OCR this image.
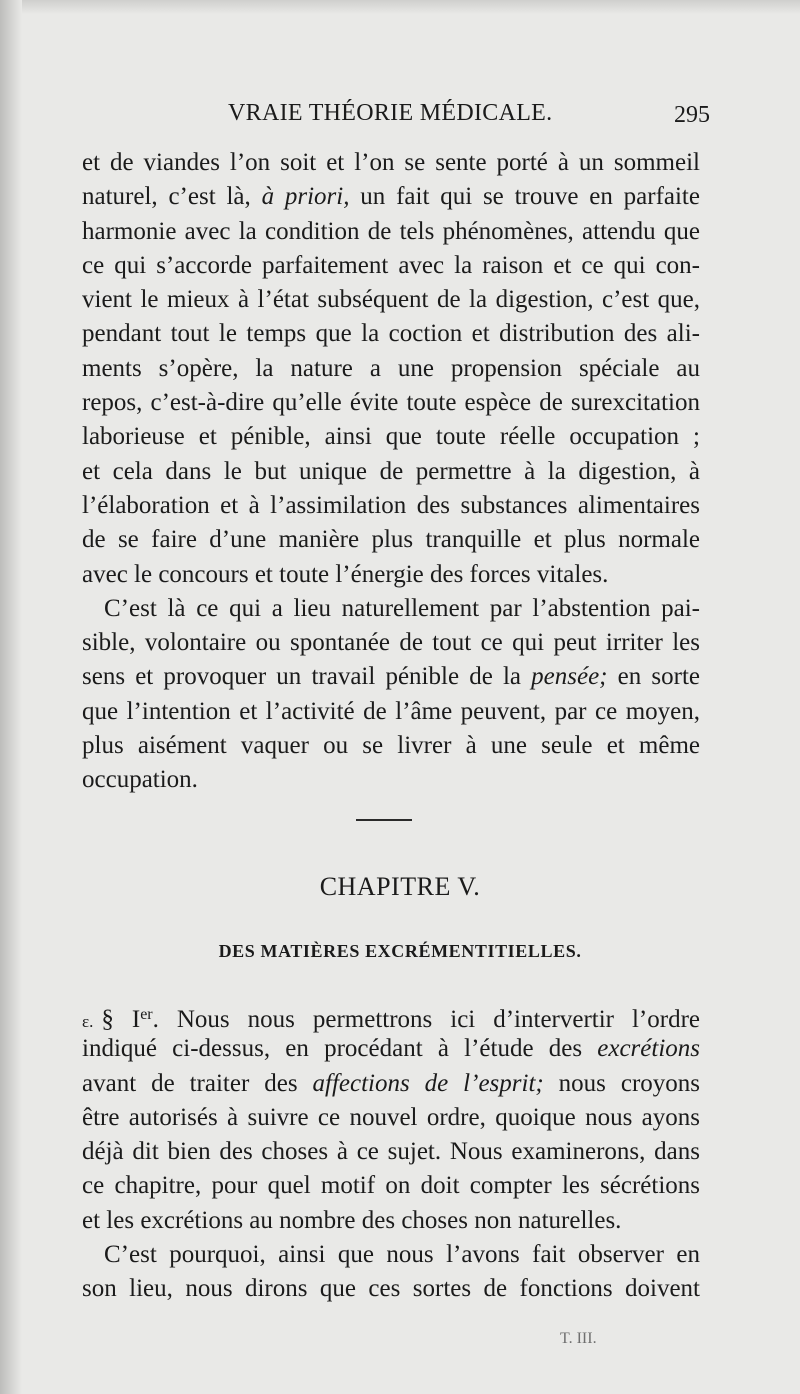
VRAIE THÉORIE MÉDICALE.	295
et de viandes l’on soit et l’on se sente porté à un sommeil
naturel, c’est là, à priori, un fait qui se trouve en parfaite
harmonie avec la condition de tels phénomènes, attendu que
ce qui s’accorde parfaitement avec la raison et ce qui con-
vient le mieux à l’état subséquent de la digestion, c’est que,
pendant tout le temps que la coction et distribution des ali-
ments s’opère, la nature a une propension spéciale au
repos, c’est-à-dire qu’elle évite toute espèce de surexcitation
laborieuse et pénible, ainsi que toute réelle occupation ;
et cela dans le but unique de permettre à la digestion, à
l’élaboration et à l’assimilation des substances alimentaires
de se faire d’une manière plus tranquille et plus normale
avec le concours et toute l’énergie des forces vitales.
C’est là ce qui a lieu naturellement par l’abstention pai-
sible, volontaire ou spontanée de tout ce qui peut irriter les
sens et provoquer un travail pénible de la pensée; en sorte
que l’intention et l’activité de l’âme peuvent, par ce moyen,
plus aisément vaquer ou se livrer à une seule et même
occupation.
CHAPITRE V.
DES MATIÈRES EXCRÉMENTITIELLES.
ε. § Ier. Nous nous permettrons ici d’intervertir l’ordre
indiqué ci-dessus, en procédant à l’étude des excrétions
avant de traiter des affections de l’esprit; nous croyons
être autorisés à suivre ce nouvel ordre, quoique nous ayons
déjà dit bien des choses à ce sujet. Nous examinerons, dans
ce chapitre, pour quel motif on doit compter les sécrétions
et les excrétions au nombre des choses non naturelles.
C’est pourquoi, ainsi que nous l’avons fait observer en
son lieu, nous dirons que ces sortes de fonctions doivent
T. III.
